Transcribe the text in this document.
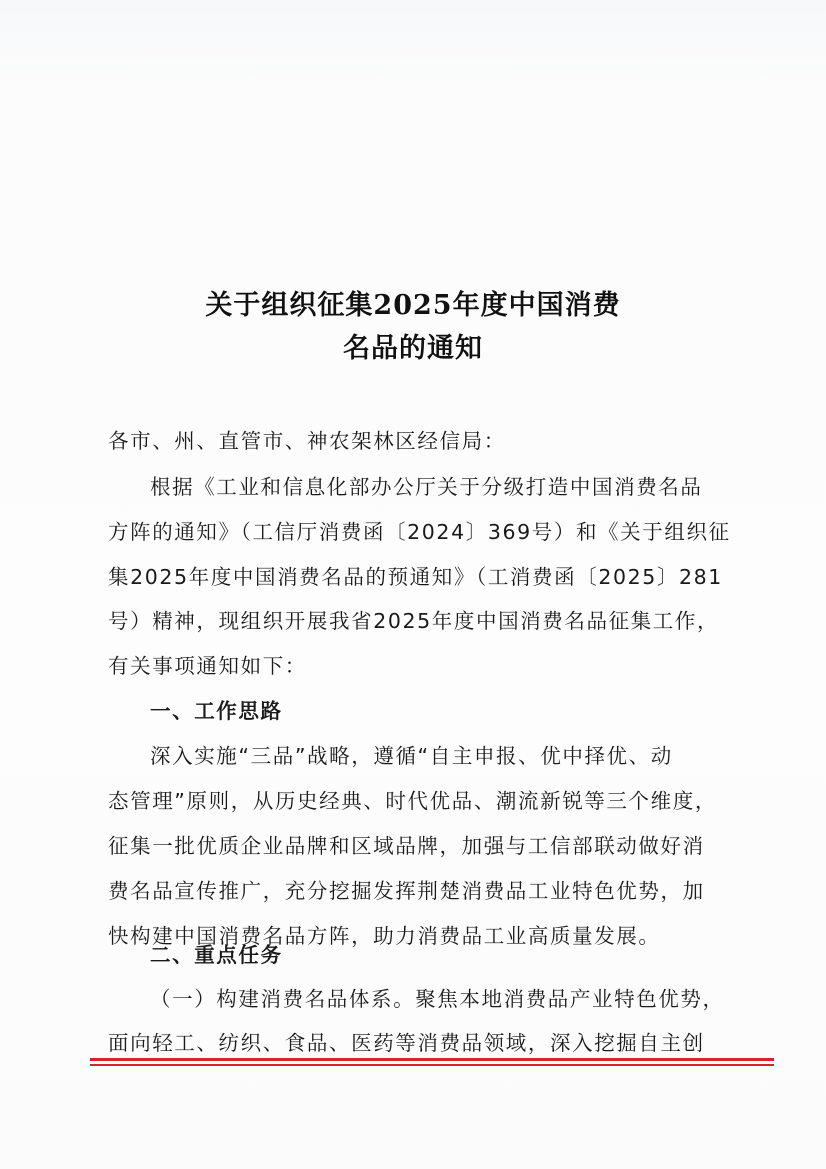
关于组织征集2025年度中国消费
名品的通知
各市、州、直管市、神农架林区经信局：
根据《工业和信息化部办公厅关于分级打造中国消费名品
方阵的通知》（工信厅消费函〔2024〕369号）和《关于组织征
集2025年度中国消费名品的预通知》（工消费函〔2025〕281
号）精神，现组织开展我省2025年度中国消费名品征集工作，
有关事项通知如下：
一、工作思路
深入实施“三品”战略，遵循“自主申报、优中择优、动
态管理”原则，从历史经典、时代优品、潮流新锐等三个维度，
征集一批优质企业品牌和区域品牌，加强与工信部联动做好消
费名品宣传推广，充分挖掘发挥荆楚消费品工业特色优势，加
快构建中国消费名品方阵，助力消费品工业高质量发展。
二、重点任务
（一）构建消费名品体系。聚焦本地消费品产业特色优势，
面向轻工、纺织、食品、医药等消费品领域，深入挖掘自主创
